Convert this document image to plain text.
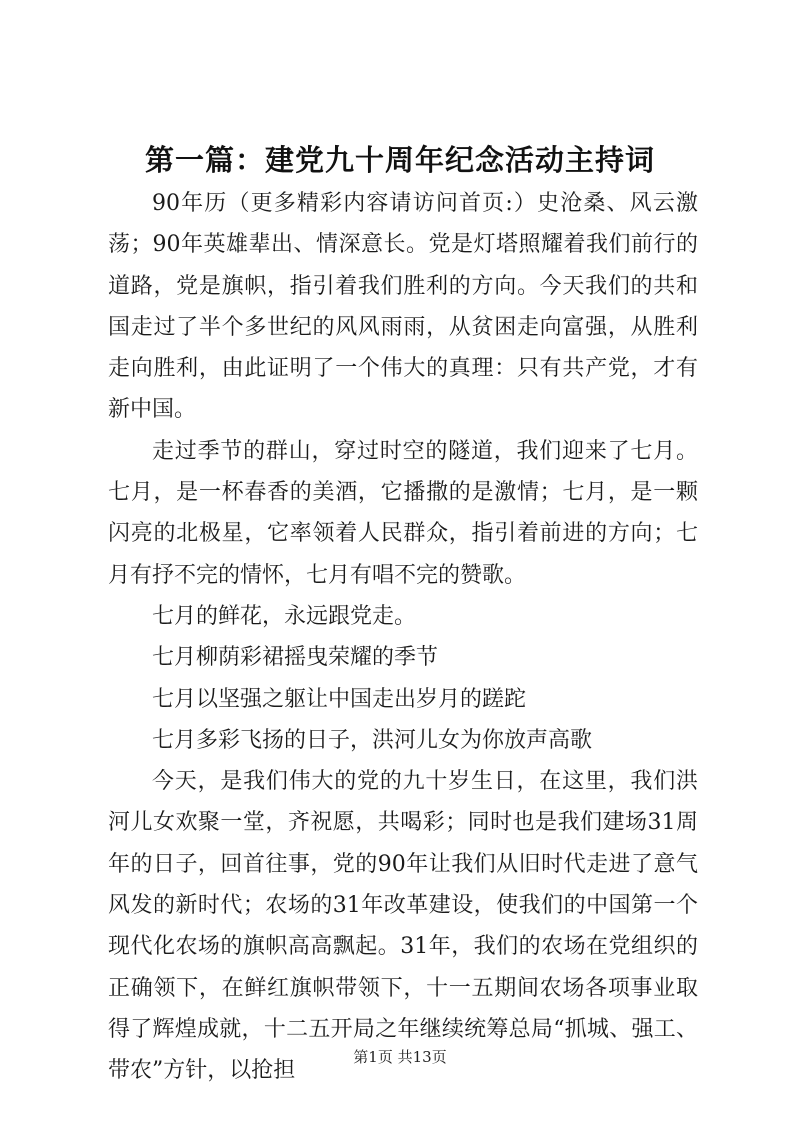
第一篇：建党九十周年纪念活动主持词

90年历（更多精彩内容请访问首页:）史沧桑、风云激荡；90年英雄辈出、情深意长。党是灯塔照耀着我们前行的道路，党是旗帜，指引着我们胜利的方向。今天我们的共和国走过了半个多世纪的风风雨雨，从贫困走向富强，从胜利走向胜利，由此证明了一个伟大的真理：只有共产党，才有新中国。

走过季节的群山，穿过时空的隧道，我们迎来了七月。七月，是一杯春香的美酒，它播撒的是激情；七月，是一颗闪亮的北极星，它率领着人民群众，指引着前进的方向；七月有抒不完的情怀，七月有唱不完的赞歌。

七月的鲜花，永远跟党走。

七月柳荫彩裙摇曳荣耀的季节

七月以坚强之躯让中国走出岁月的蹉跎

七月多彩飞扬的日子，洪河儿女为你放声高歌

今天，是我们伟大的党的九十岁生日，在这里，我们洪河儿女欢聚一堂，齐祝愿，共喝彩；同时也是我们建场31周年的日子，回首往事，党的90年让我们从旧时代走进了意气风发的新时代；农场的31年改革建设，使我们的中国第一个现代化农场的旗帜高高飘起。31年，我们的农场在党组织的正确领下，在鲜红旗帜带领下，十一五期间农场各项事业取得了辉煌成就，十二五开局之年继续统筹总局“抓城、强工、带农”方针，以抢担

第1页 共13页
